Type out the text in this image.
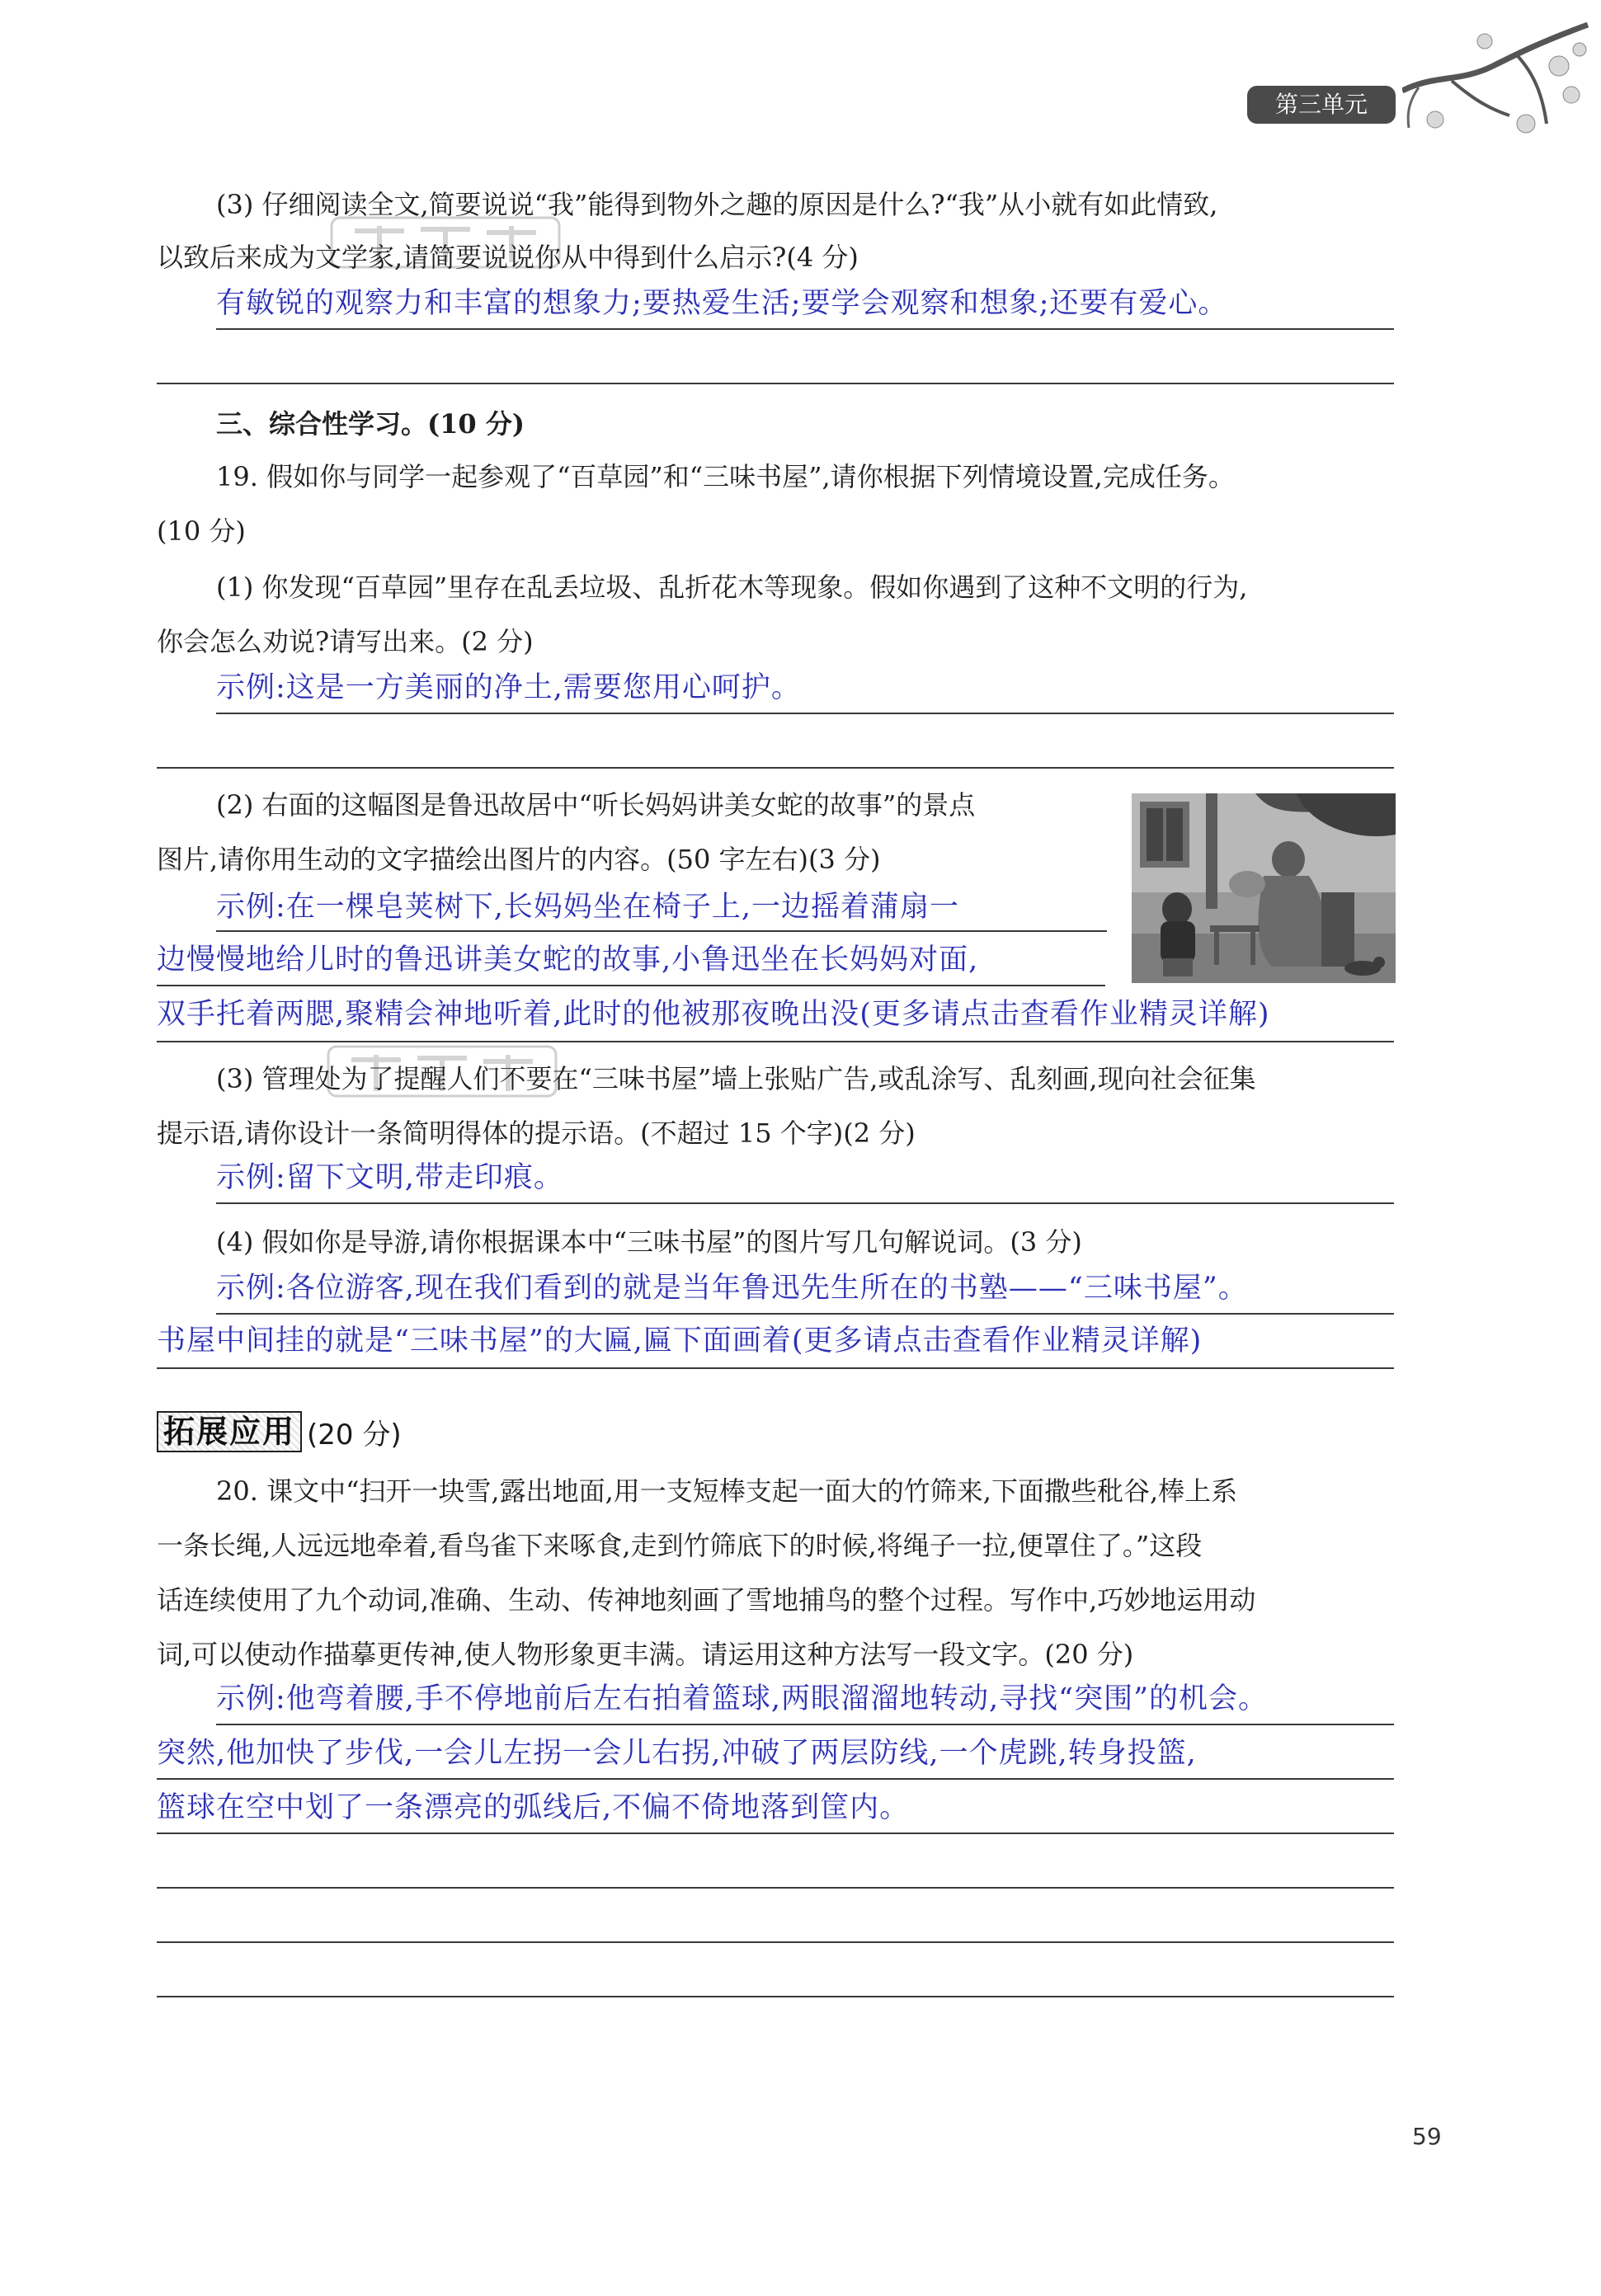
第三单元
(3) 仔细阅读全文,简要说说“我”能得到物外之趣的原因是什么?“我”从小就有如此情致,
以致后来成为文学家,请简要说说你从中得到什么启示?(4 分)
有敏锐的观察力和丰富的想象力;要热爱生活;要学会观察和想象;还要有爱心。
三、综合性学习。(10 分)
19. 假如你与同学一起参观了“百草园”和“三味书屋”,请你根据下列情境设置,完成任务。
(10 分)
(1) 你发现“百草园”里存在乱丢垃圾、乱折花木等现象。假如你遇到了这种不文明的行为,
你会怎么劝说?请写出来。(2 分)
示例:这是一方美丽的净土,需要您用心呵护。
(2) 右面的这幅图是鲁迅故居中“听长妈妈讲美女蛇的故事”的景点
图片,请你用生动的文字描绘出图片的内容。(50 字左右)(3 分)
示例:在一棵皂荚树下,长妈妈坐在椅子上,一边摇着蒲扇一
边慢慢地给儿时的鲁迅讲美女蛇的故事,小鲁迅坐在长妈妈对面,
双手托着两腮,聚精会神地听着,此时的他被那夜晚出没(更多请点击查看作业精灵详解)
(3) 管理处为了提醒人们不要在“三味书屋”墙上张贴广告,或乱涂写、乱刻画,现向社会征集
提示语,请你设计一条简明得体的提示语。(不超过 15 个字)(2 分)
示例:留下文明,带走印痕。
(4) 假如你是导游,请你根据课本中“三味书屋”的图片写几句解说词。(3 分)
示例:各位游客,现在我们看到的就是当年鲁迅先生所在的书塾——“三味书屋”。
书屋中间挂的就是“三味书屋”的大匾,匾下面画着(更多请点击查看作业精灵详解)
拓展应用 (20 分)
20. 课文中“扫开一块雪,露出地面,用一支短棒支起一面大的竹筛来,下面撒些秕谷,棒上系
一条长绳,人远远地牵着,看鸟雀下来啄食,走到竹筛底下的时候,将绳子一拉,便罩住了。”这段
话连续使用了九个动词,准确、生动、传神地刻画了雪地捕鸟的整个过程。写作中,巧妙地运用动
词,可以使动作描摹更传神,使人物形象更丰满。请运用这种方法写一段文字。(20 分)
示例:他弯着腰,手不停地前后左右拍着篮球,两眼溜溜地转动,寻找“突围”的机会。
突然,他加快了步伐,一会儿左拐一会儿右拐,冲破了两层防线,一个虎跳,转身投篮,
篮球在空中划了一条漂亮的弧线后,不偏不倚地落到筐内。
59
